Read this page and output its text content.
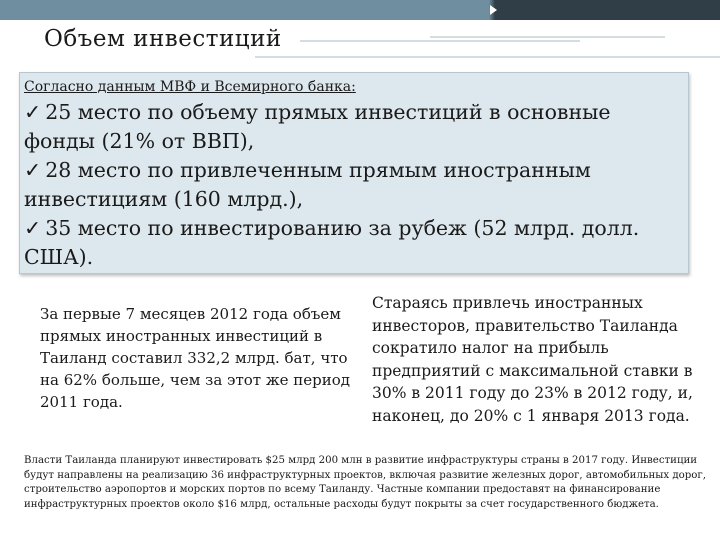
Объем инвестиций
Согласно данным МВФ и Всемирного банка:
✓ 25 место по объему прямых инвестиций в основные фонды (21% от ВВП),
✓ 28 место по привлеченным прямым иностранным инвестициям (160 млрд.),
✓ 35 место по инвестированию за рубеж (52 млрд. долл. США).
За первые 7 месяцев 2012 года объем прямых иностранных инвестиций в Таиланд составил 332,2 млрд. бат, что на 62% больше, чем за этот же период 2011 года.
Стараясь привлечь иностранных инвесторов, правительство Таиланда сократило налог на прибыль предприятий с максимальной ставки в 30% в 2011 году до 23% в 2012 году, и, наконец, до 20% с 1 января 2013 года.
Власти Таиланда планируют инвестировать $25 млрд 200 млн в развитие инфраструктуры страны в 2017 году. Инвестиции будут направлены на реализацию 36 инфраструктурных проектов, включая развитие железных дорог, автомобильных дорог, строительство аэропортов и морских портов по всему Таиланду. Частные компании предоставят на финансирование инфраструктурных проектов около $16 млрд, остальные расходы будут покрыты за счет государственного бюджета.
